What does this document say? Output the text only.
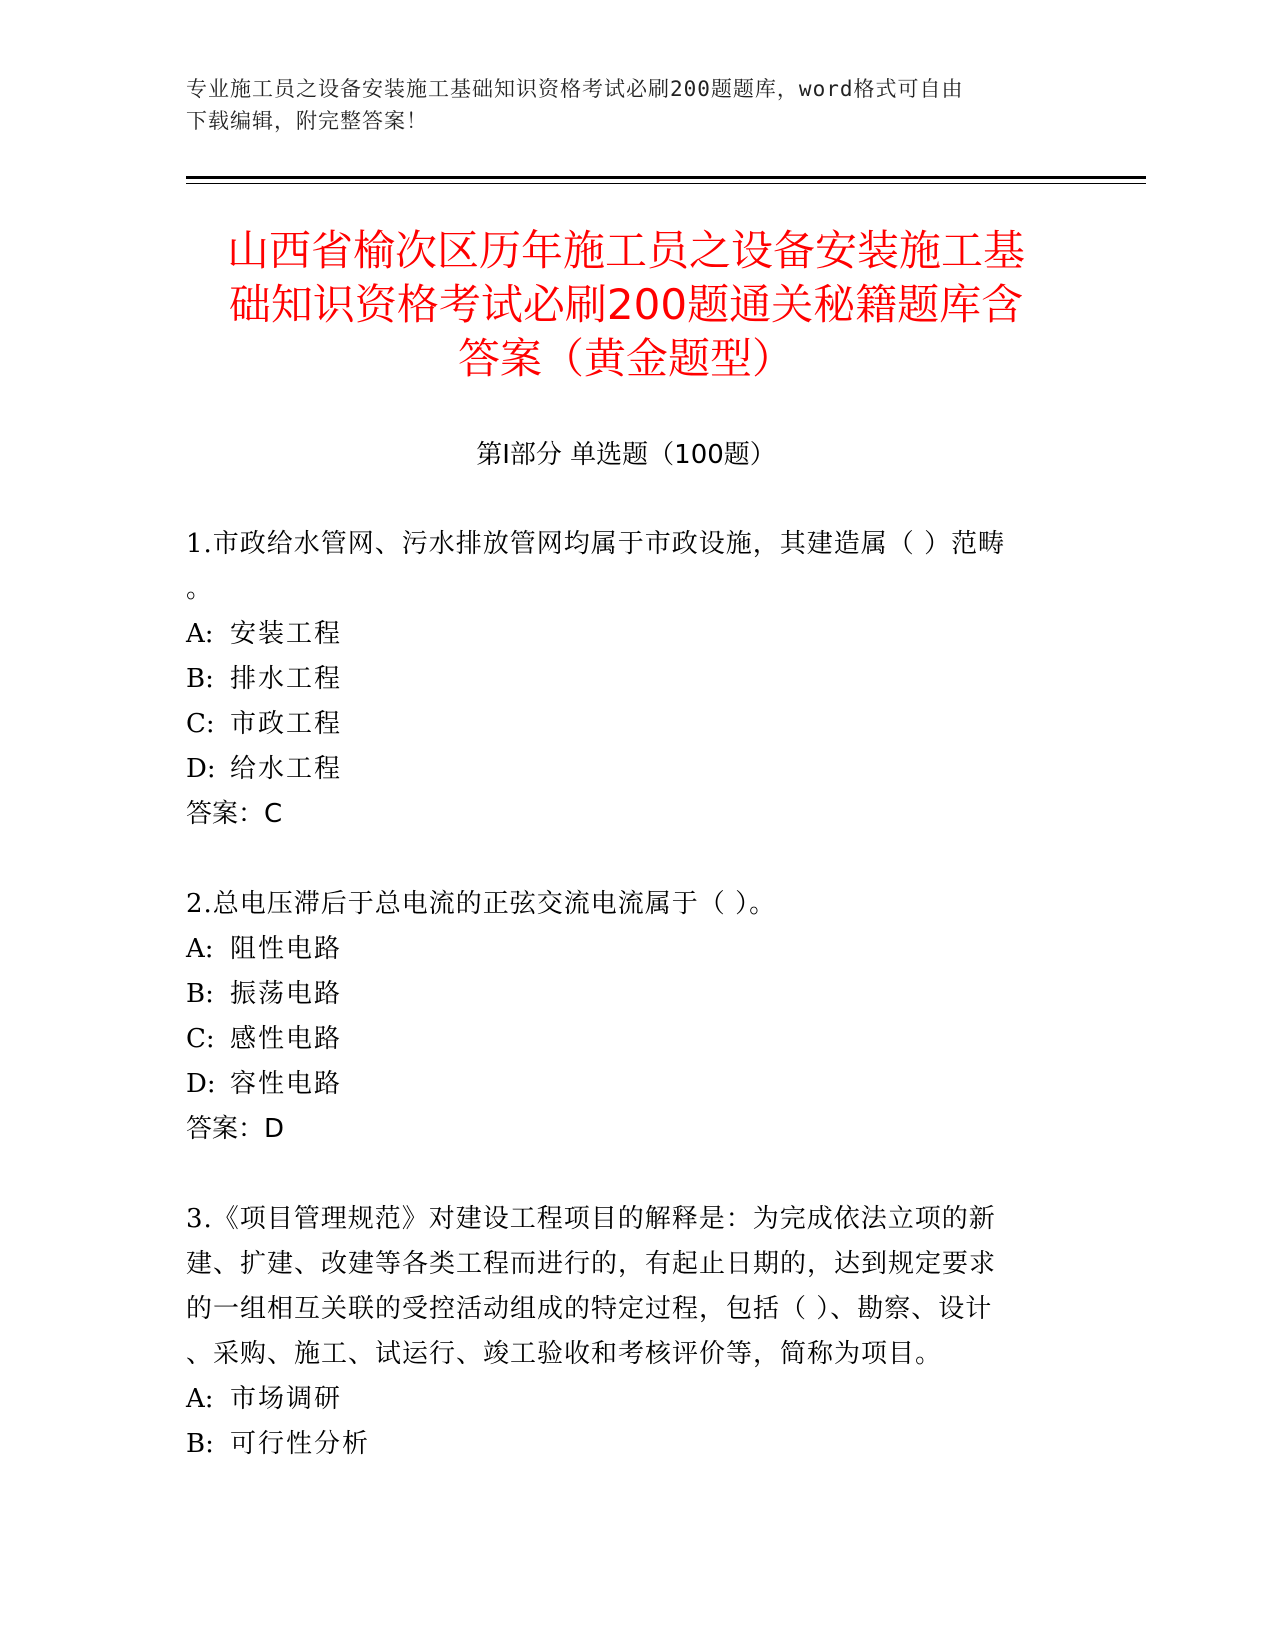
专业施工员之设备安装施工基础知识资格考试必刷200题题库，word格式可自由
下载编辑，附完整答案！
山西省榆次区历年施工员之设备安装施工基
础知识资格考试必刷200题通关秘籍题库含
答案（黄金题型）
第Ⅰ部分 单选题（100题）
1.市政给水管网、污水排放管网均属于市政设施，其建造属（ ）范畴
。
A: 安装工程
B: 排水工程
C: 市政工程
D: 给水工程
答案：C
2.总电压滞后于总电流的正弦交流电流属于（ ）。
A: 阻性电路
B: 振荡电路
C: 感性电路
D: 容性电路
答案：D
3.《项目管理规范》对建设工程项目的解释是：为完成依法立项的新
建、扩建、改建等各类工程而进行的，有起止日期的，达到规定要求
的一组相互关联的受控活动组成的特定过程，包括（ ）、勘察、设计
、采购、施工、试运行、竣工验收和考核评价等，简称为项目。
A: 市场调研
B: 可行性分析
